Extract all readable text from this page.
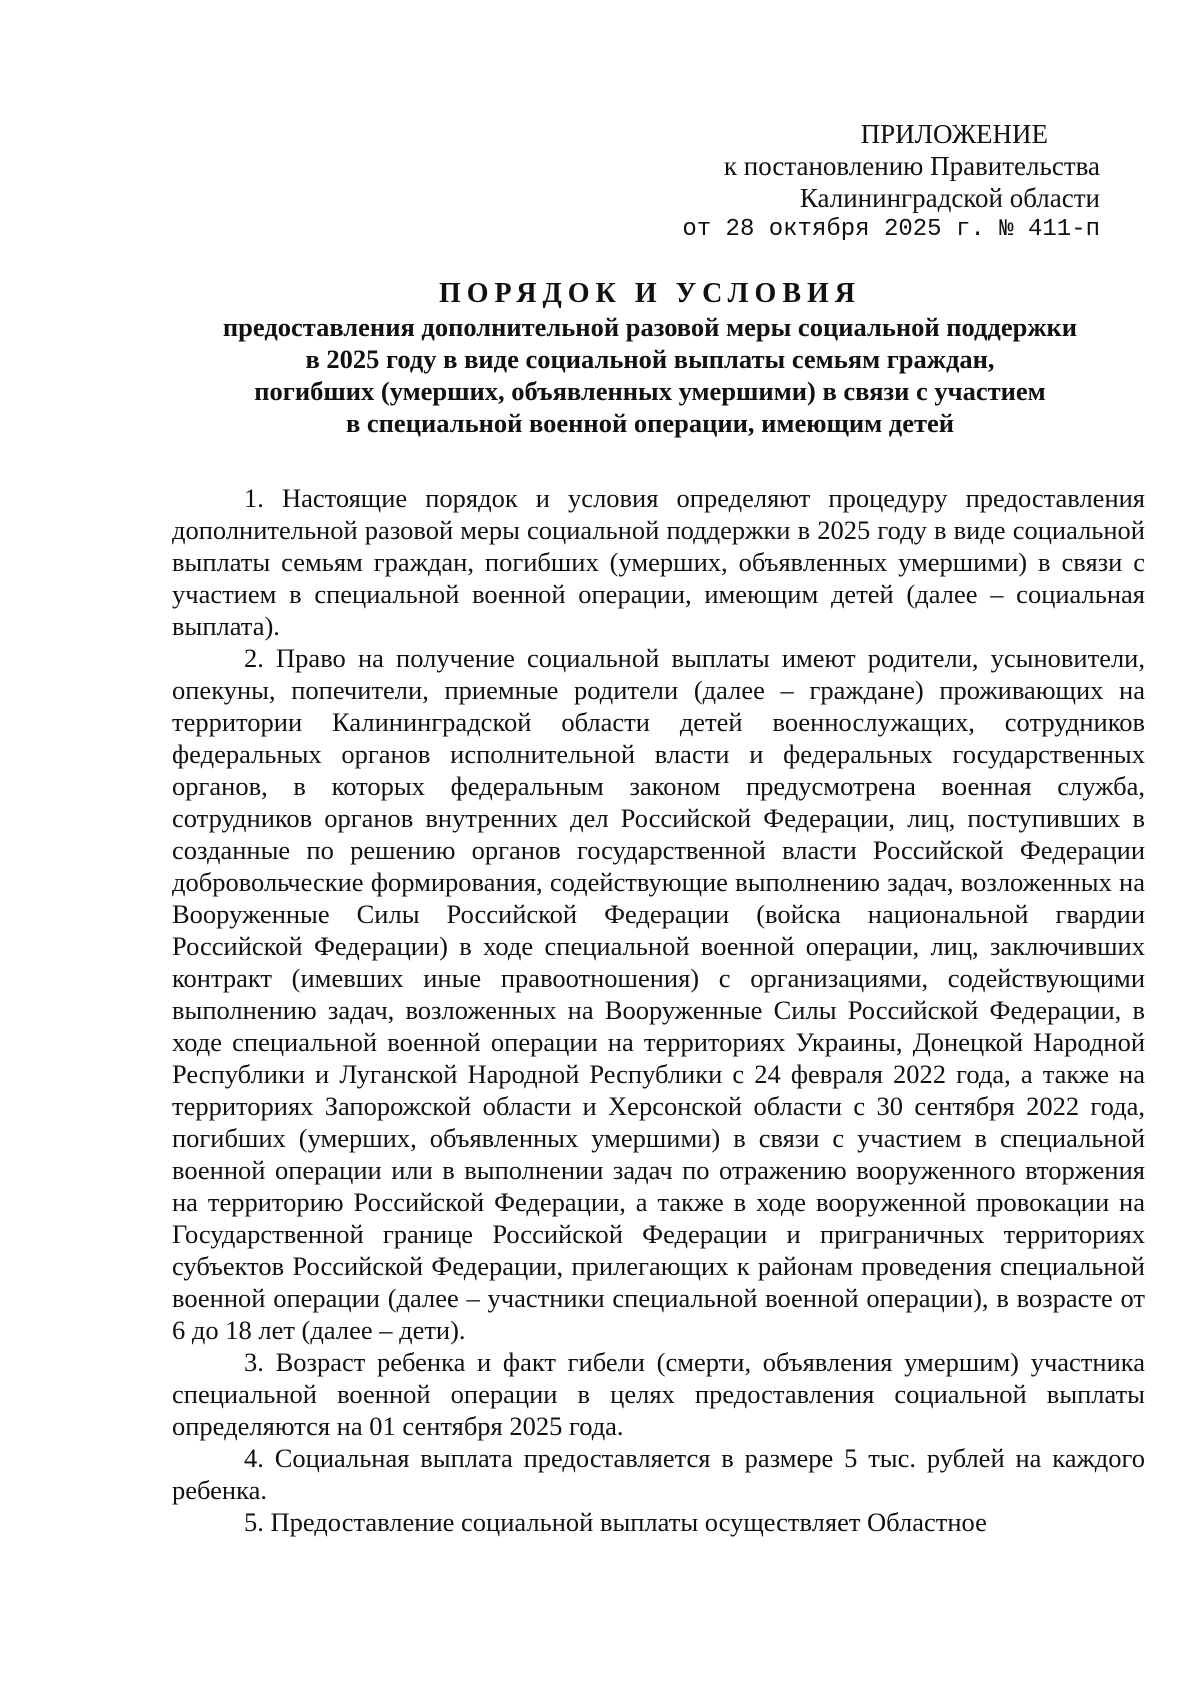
ПРИЛОЖЕНИЕ
к постановлению Правительства
Калининградской области
от 28 октября 2025 г. № 411-п
ПОРЯДОК И УСЛОВИЯ
предоставления дополнительной разовой меры социальной поддержки
в 2025 году в виде социальной выплаты семьям граждан,
погибших (умерших, объявленных умершими) в связи с участием
в специальной военной операции, имеющим детей

1. Настоящие порядок и условия определяют процедуру предоставления дополнительной разовой меры социальной поддержки в 2025 году в виде социальной выплаты семьям граждан, погибших (умерших, объявленных умершими) в связи с участием в специальной военной операции, имеющим детей (далее – социальная выплата).

2. Право на получение социальной выплаты имеют родители, усыновители, опекуны, попечители, приемные родители (далее – граждане) проживающих на территории Калининградской области детей военнослужащих, сотрудников федеральных органов исполнительной власти и федеральных государственных органов, в которых федеральным законом предусмотрена военная служба, сотрудников органов внутренних дел Российской Федерации, лиц, поступивших в созданные по решению органов государственной власти Российской Федерации добровольческие формирования, содействующие выполнению задач, возложенных на Вооруженные Силы Российской Федерации (войска национальной гвардии Российской Федерации) в ходе специальной военной операции, лиц, заключивших контракт (имевших иные правоотношения) с организациями, содействующими выполнению задач, возложенных на Вооруженные Силы Российской Федерации, в ходе специальной военной операции на территориях Украины, Донецкой Народной Республики и Луганской Народной Республики с 24 февраля 2022 года, а также на территориях Запорожской области и Херсонской области с 30 сентября 2022 года, погибших (умерших, объявленных умершими) в связи с участием в специальной военной операции или в выполнении задач по отражению вооруженного вторжения на территорию Российской Федерации, а также в ходе вооруженной провокации на Государственной границе Российской Федерации и приграничных территориях субъектов Российской Федерации, прилегающих к районам проведения специальной военной операции (далее – участники специальной военной операции), в возрасте от 6 до 18 лет (далее – дети).

3. Возраст ребенка и факт гибели (смерти, объявления умершим) участника специальной военной операции в целях предоставления социальной выплаты определяются на 01 сентября 2025 года.

4. Социальная выплата предоставляется в размере 5 тыс. рублей на каждого ребенка.

5. Предоставление социальной выплаты осуществляет Областное
